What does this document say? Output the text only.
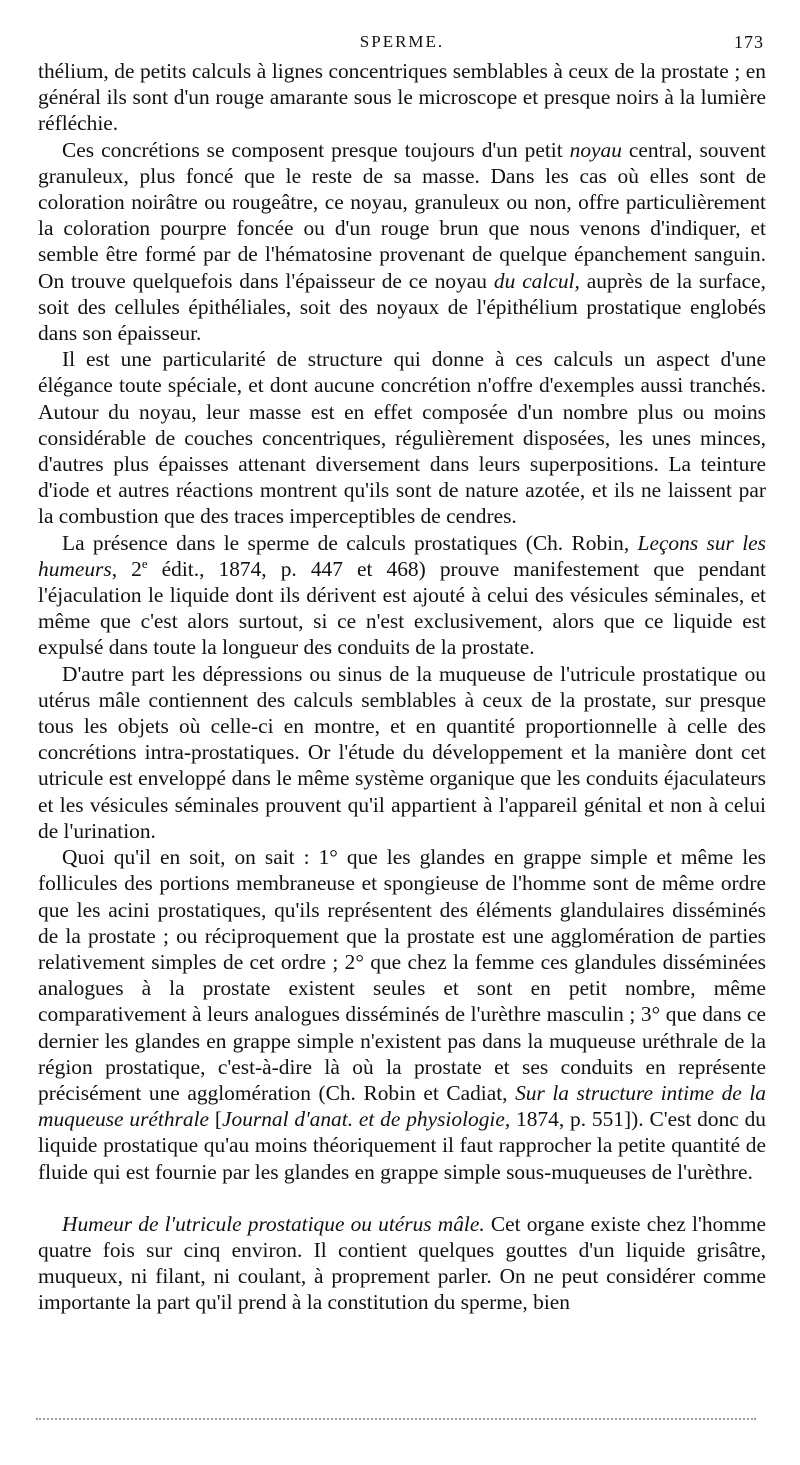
SPERME.	173

thélium, de petits calculs à lignes concentriques semblables à ceux de la prostate ; en général ils sont d'un rouge amarante sous le microscope et presque noirs à la lumière réfléchie.

Ces concrétions se composent presque toujours d'un petit noyau central, souvent granuleux, plus foncé que le reste de sa masse. Dans les cas où elles sont de coloration noirâtre ou rougeâtre, ce noyau, granuleux ou non, offre particulièrement la coloration pourpre foncée ou d'un rouge brun que nous venons d'indiquer, et semble être formé par de l'hématosine provenant de quelque épanchement sanguin. On trouve quelquefois dans l'épaisseur de ce noyau du calcul, auprès de la surface, soit des cellules épithéliales, soit des noyaux de l'épithélium prostatique englobés dans son épaisseur.

Il est une particularité de structure qui donne à ces calculs un aspect d'une élégance toute spéciale, et dont aucune concrétion n'offre d'exemples aussi tranchés. Autour du noyau, leur masse est en effet composée d'un nombre plus ou moins considérable de couches concentriques, régulièrement disposées, les unes minces, d'autres plus épaisses attenant diversement dans leurs superpositions. La teinture d'iode et autres réactions montrent qu'ils sont de nature azotée, et ils ne laissent par la combustion que des traces imperceptibles de cendres.

La présence dans le sperme de calculs prostatiques (Ch. Robin, Leçons sur les humeurs, 2e édit., 1874, p. 447 et 468) prouve manifestement que pendant l'éjaculation le liquide dont ils dérivent est ajouté à celui des vésicules séminales, et même que c'est alors surtout, si ce n'est exclusivement, alors que ce liquide est expulsé dans toute la longueur des conduits de la prostate.

D'autre part les dépressions ou sinus de la muqueuse de l'utricule prostatique ou utérus mâle contiennent des calculs semblables à ceux de la prostate, sur presque tous les objets où celle-ci en montre, et en quantité proportionnelle à celle des concrétions intra-prostatiques. Or l'étude du développement et la manière dont cet utricule est enveloppé dans le même système organique que les conduits éjaculateurs et les vésicules séminales prouvent qu'il appartient à l'appareil génital et non à celui de l'urination.

Quoi qu'il en soit, on sait : 1° que les glandes en grappe simple et même les follicules des portions membraneuse et spongieuse de l'homme sont de même ordre que les acini prostatiques, qu'ils représentent des éléments glandulaires disséminés de la prostate ; ou réciproquement que la prostate est une agglomération de parties relativement simples de cet ordre ; 2° que chez la femme ces glandules disséminées analogues à la prostate existent seules et sont en petit nombre, même comparativement à leurs analogues disséminés de l'urèthre masculin ; 3° que dans ce dernier les glandes en grappe simple n'existent pas dans la muqueuse uréthrale de la région prostatique, c'est-à-dire là où la prostate et ses conduits en représente précisément une agglomération (Ch. Robin et Cadiat, Sur la structure intime de la muqueuse uréthrale [Journal d'anat. et de physiologie, 1874, p. 551]). C'est donc du liquide prostatique qu'au moins théoriquement il faut rapprocher la petite quantité de fluide qui est fournie par les glandes en grappe simple sous-muqueuses de l'urèthre.

Humeur de l'utricule prostatique ou utérus mâle. Cet organe existe chez l'homme quatre fois sur cinq environ. Il contient quelques gouttes d'un liquide grisâtre, muqueux, ni filant, ni coulant, à proprement parler. On ne peut considérer comme importante la part qu'il prend à la constitution du sperme, bien
